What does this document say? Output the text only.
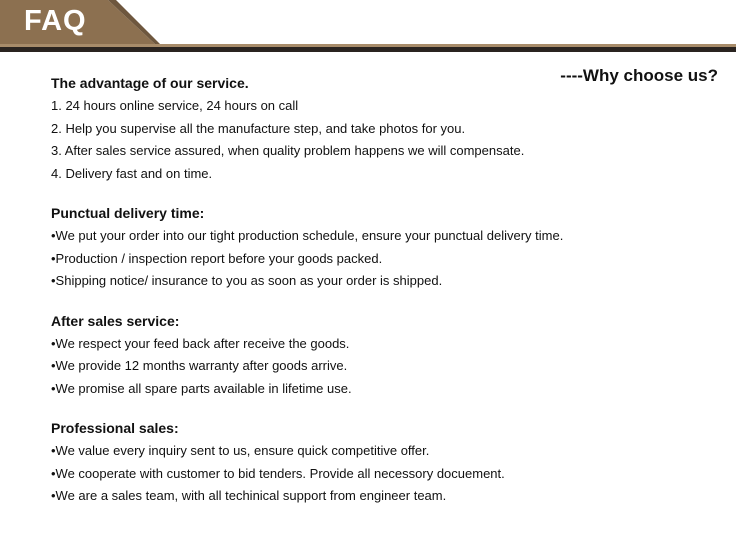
FAQ
----Why choose us?
The advantage of our service.
1. 24 hours online service, 24 hours on call
2. Help you supervise all the manufacture step, and take photos for you.
3. After sales service assured, when quality problem happens we will compensate.
4. Delivery fast and on time.
Punctual delivery time:
•We put your order into our tight production schedule, ensure your punctual delivery time.
•Production / inspection report before your goods packed.
•Shipping notice/ insurance to you as soon as your order is shipped.
After sales service:
•We respect your feed back after receive the goods.
•We provide 12 months warranty after goods arrive.
•We promise all spare parts available in lifetime use.
Professional sales:
•We value every inquiry sent to us, ensure quick competitive offer.
•We cooperate with customer to bid tenders. Provide all necessory docuement.
•We are a sales team, with all techinical support from engineer team.
